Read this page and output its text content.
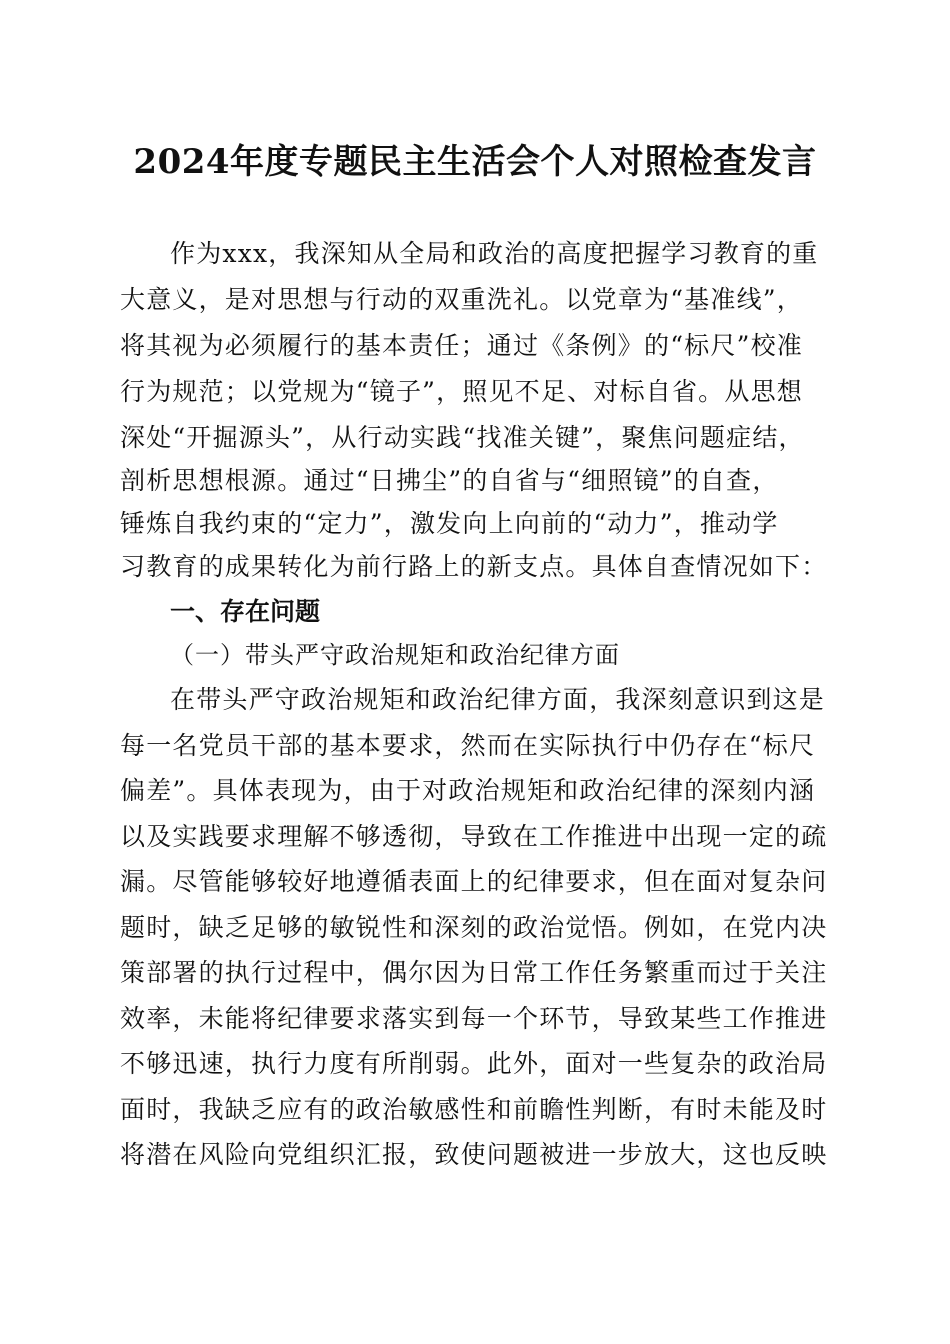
2024年度专题民主生活会个人对照检查发言
作为xxx，我深知从全局和政治的高度把握学习教育的重
大意义，是对思想与行动的双重洗礼。以党章为“基准线”，
将其视为必须履行的基本责任；通过《条例》的“标尺”校准
行为规范；以党规为“镜子”，照见不足、对标自省。从思想
深处“开掘源头”，从行动实践“找准关键”，聚焦问题症结，
剖析思想根源。通过“日拂尘”的自省与“细照镜”的自查，
锤炼自我约束的“定力”，激发向上向前的“动力”，推动学
习教育的成果转化为前行路上的新支点。具体自查情况如下：
一、存在问题
（一）带头严守政治规矩和政治纪律方面
在带头严守政治规矩和政治纪律方面，我深刻意识到这是
每一名党员干部的基本要求，然而在实际执行中仍存在“标尺
偏差”。具体表现为，由于对政治规矩和政治纪律的深刻内涵
以及实践要求理解不够透彻，导致在工作推进中出现一定的疏
漏。尽管能够较好地遵循表面上的纪律要求，但在面对复杂问
题时，缺乏足够的敏锐性和深刻的政治觉悟。例如，在党内决
策部署的执行过程中，偶尔因为日常工作任务繁重而过于关注
效率，未能将纪律要求落实到每一个环节，导致某些工作推进
不够迅速，执行力度有所削弱。此外，面对一些复杂的政治局
面时，我缺乏应有的政治敏感性和前瞻性判断，有时未能及时
将潜在风险向党组织汇报，致使问题被进一步放大，这也反映
